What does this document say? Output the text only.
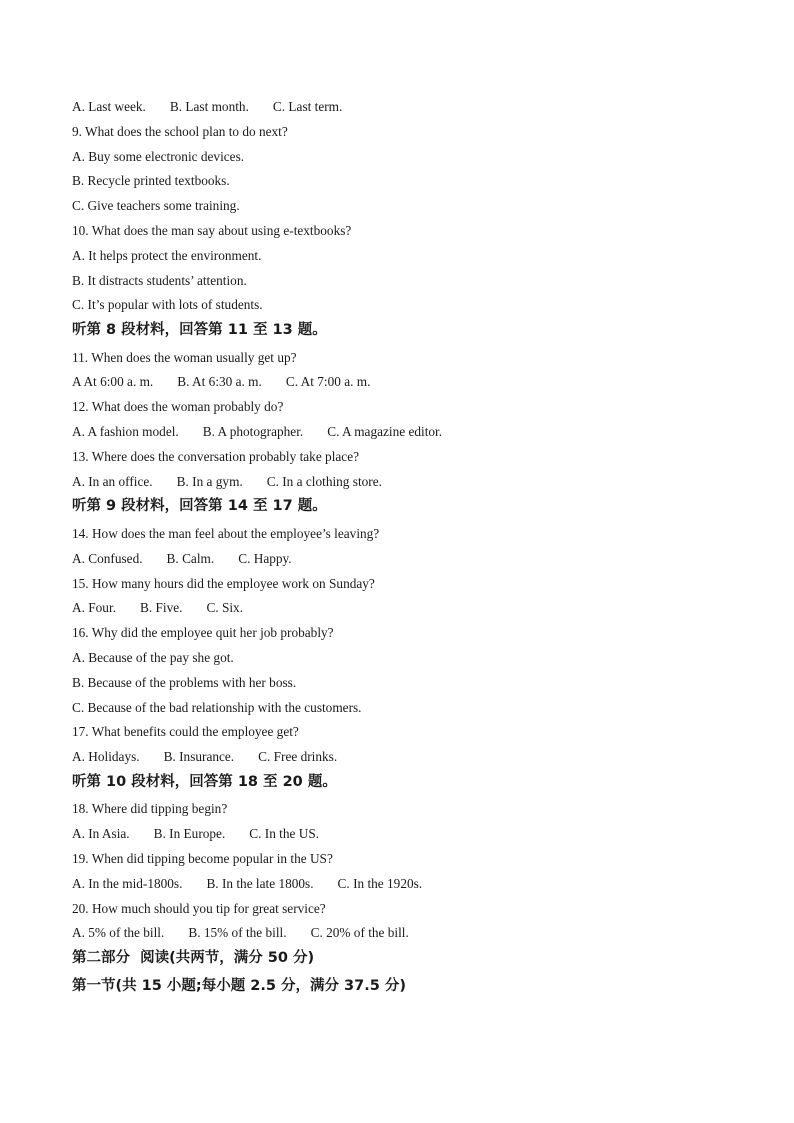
A. Last week. B. Last month. C. Last term.
9. What does the school plan to do next?
A. Buy some electronic devices.
B. Recycle printed textbooks.
C. Give teachers some training.
10. What does the man say about using e-textbooks?
A. It helps protect the environment.
B. It distracts students’ attention.
C. It’s popular with lots of students.
听第 8 段材料，回答第 11 至 13 题。
11. When does the woman usually get up?
A At 6:00 a. m. B. At 6:30 a. m. C. At 7:00 a. m.
12. What does the woman probably do?
A. A fashion model. B. A photographer. C. A magazine editor.
13. Where does the conversation probably take place?
A. In an office. B. In a gym. C. In a clothing store.
听第 9 段材料，回答第 14 至 17 题。
14. How does the man feel about the employee’s leaving?
A. Confused. B. Calm. C. Happy.
15. How many hours did the employee work on Sunday?
A. Four. B. Five. C. Six.
16. Why did the employee quit her job probably?
A. Because of the pay she got.
B. Because of the problems with her boss.
C. Because of the bad relationship with the customers.
17. What benefits could the employee get?
A. Holidays. B. Insurance. C. Free drinks.
听第 10 段材料，回答第 18 至 20 题。
18. Where did tipping begin?
A. In Asia. B. In Europe. C. In the US.
19. When did tipping become popular in the US?
A. In the mid-1800s. B. In the late 1800s. C. In the 1920s.
20. How much should you tip for great service?
A. 5% of the bill. B. 15% of the bill. C. 20% of the bill.
第二部分  阅读(共两节，满分 50 分)
第一节(共 15 小题;每小题 2.5 分，满分 37.5 分)
